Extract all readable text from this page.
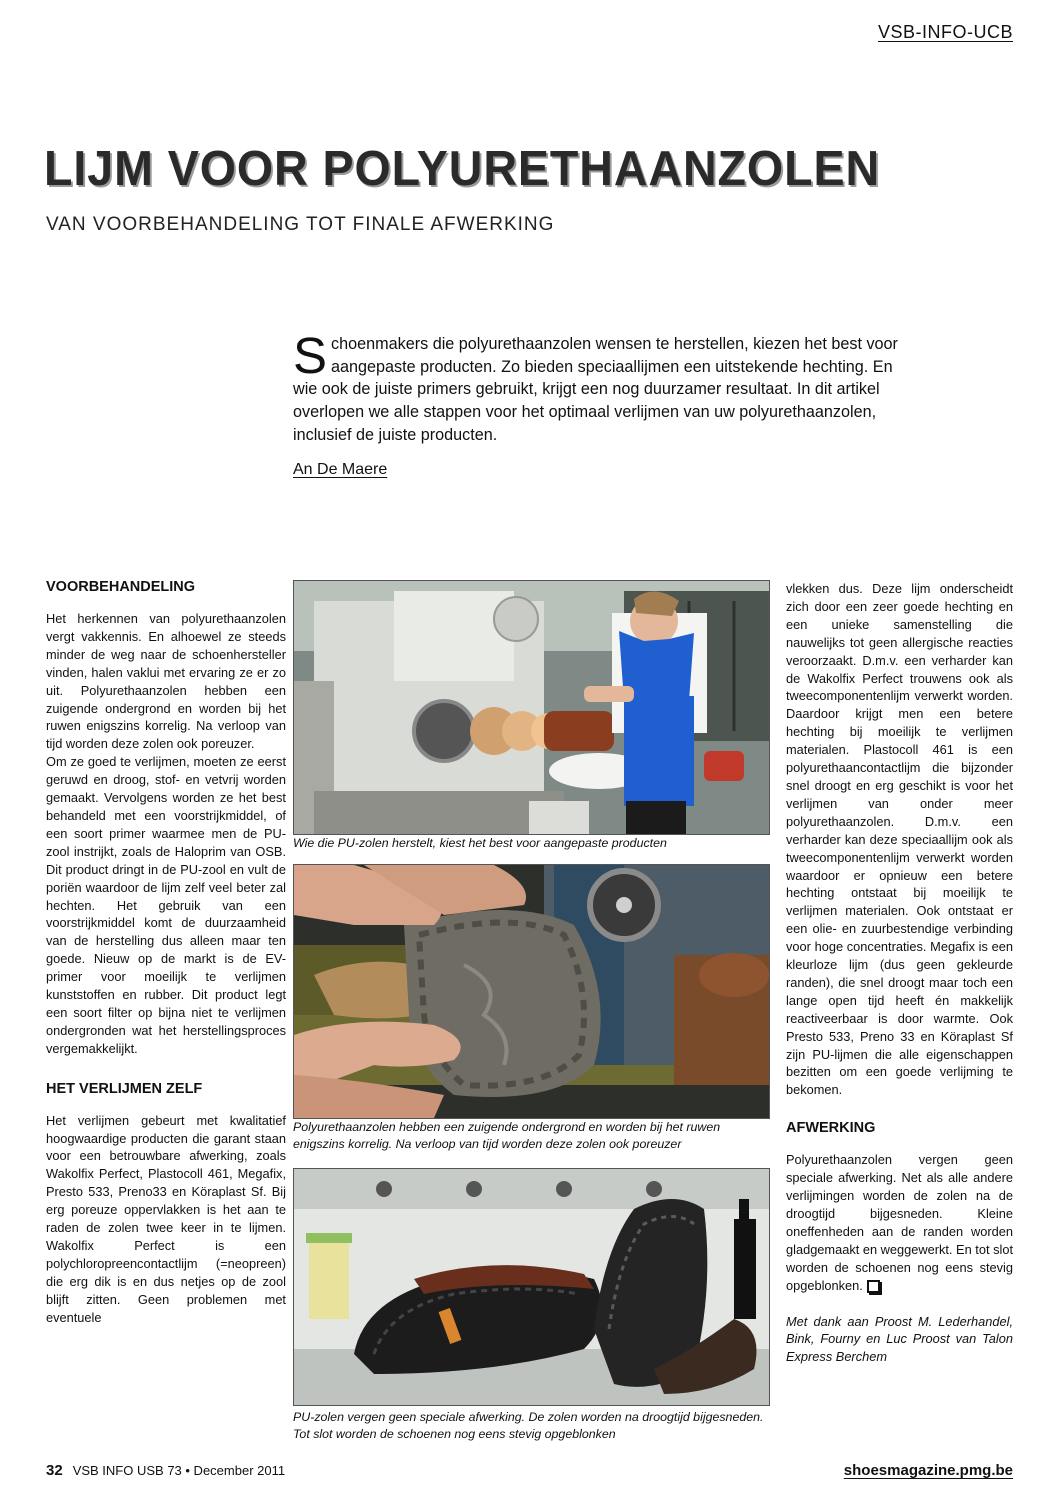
VSB-INFO-UCB
LIJM VOOR POLYURETHAANZOLEN
VAN VOORBEHANDELING TOT FINALE AFWERKING

Schoenmakers die polyurethaanzolen wensen te herstellen, kiezen het best voor aangepaste producten. Zo bieden speciaallijmen een uitstekende hechting. En wie ook de juiste primers gebruikt, krijgt een nog duurzamer resultaat. In dit artikel overlopen we alle stappen voor het optimaal verlijmen van uw polyurethaanzolen, inclusief de juiste producten.

An De Maere
VOORBEHANDELING

Het herkennen van polyurethaanzolen vergt vakkennis. En alhoewel ze steeds minder de weg naar de schoenhersteller vinden, halen vaklui met ervaring ze er zo uit. Polyurethaanzolen hebben een zuigende ondergrond en worden bij het ruwen enigszins korrelig. Na verloop van tijd worden deze zolen ook poreuzer.

Om ze goed te verlijmen, moeten ze eerst geruwd en droog, stof- en vetvrij worden gemaakt. Vervolgens worden ze het best behandeld met een voorstrijkmiddel, of een soort primer waarmee men de PU-zool instrijkt, zoals de Haloprim van OSB. Dit product dringt in de PU-zool en vult de poriën waardoor de lijm zelf veel beter zal hechten. Het gebruik van een voorstrijkmiddel komt de duurzaamheid van de herstelling dus alleen maar ten goede. Nieuw op de markt is de EV-primer voor moeilijk te verlijmen kunststoffen en rubber. Dit product legt een soort filter op bijna niet te verlijmen ondergronden wat het herstellingsproces vergemakkelijkt.

HET VERLIJMEN ZELF

Het verlijmen gebeurt met kwalitatief hoogwaardige producten die garant staan voor een betrouwbare afwerking, zoals Wakolfix Perfect, Plastocoll 461, Megafix, Presto 533, Preno33 en Köraplast Sf. Bij erg poreuze oppervlakken is het aan te raden de zolen twee keer in te lijmen. Wakolfix Perfect is een polychloropreencontactlijm (=neopreen) die erg dik is en dus netjes op de zool blijft zitten. Geen problemen met eventuele

Wie die PU-zolen herstelt, kiest het best voor aangepaste producten

Polyurethaanzolen hebben een zuigende ondergrond en worden bij het ruwen enigszins korrelig. Na verloop van tijd worden deze zolen ook poreuzer

PU-zolen vergen geen speciale afwerking. De zolen worden na droogtijd bijgesneden. Tot slot worden de schoenen nog eens stevig opgeblonken

vlekken dus. Deze lijm onderscheidt zich door een zeer goede hechting en een unieke samenstelling die nauwelijks tot geen allergische reacties veroorzaakt. D.m.v. een verharder kan de Wakolfix Perfect trouwens ook als tweecomponentenlijm verwerkt worden. Daardoor krijgt men een betere hechting bij moeilijk te verlijmen materialen. Plastocoll 461 is een polyurethaancontactlijm die bijzonder snel droogt en erg geschikt is voor het verlijmen van onder meer polyurethaanzolen. D.m.v. een verharder kan deze speciaallijm ook als tweecomponentenlijm verwerkt worden waardoor er opnieuw een betere hechting ontstaat bij moeilijk te verlijmen materialen. Ook ontstaat er een olie- en zuurbestendige verbinding voor hoge concentraties. Megafix is een kleurloze lijm (dus geen gekleurde randen), die snel droogt maar toch een lange open tijd heeft én makkelijk reactiveerbaar is door warmte. Ook Presto 533, Preno 33 en Köraplast Sf zijn PU-lijmen die alle eigenschappen bezitten om een goede verlijming te bekomen.

AFWERKING

Polyurethaanzolen vergen geen speciale afwerking. Net als alle andere verlijmingen worden de zolen na de droogtijd bijgesneden. Kleine oneffenheden aan de randen worden gladgemaakt en weggewerkt. En tot slot worden de schoenen nog eens stevig opgeblonken.

Met dank aan Proost M. Lederhandel, Bink, Fourny en Luc Proost van Talon Express Berchem

32 VSB INFO USB 73 • December 2011	shoesmagazine.pmg.be
